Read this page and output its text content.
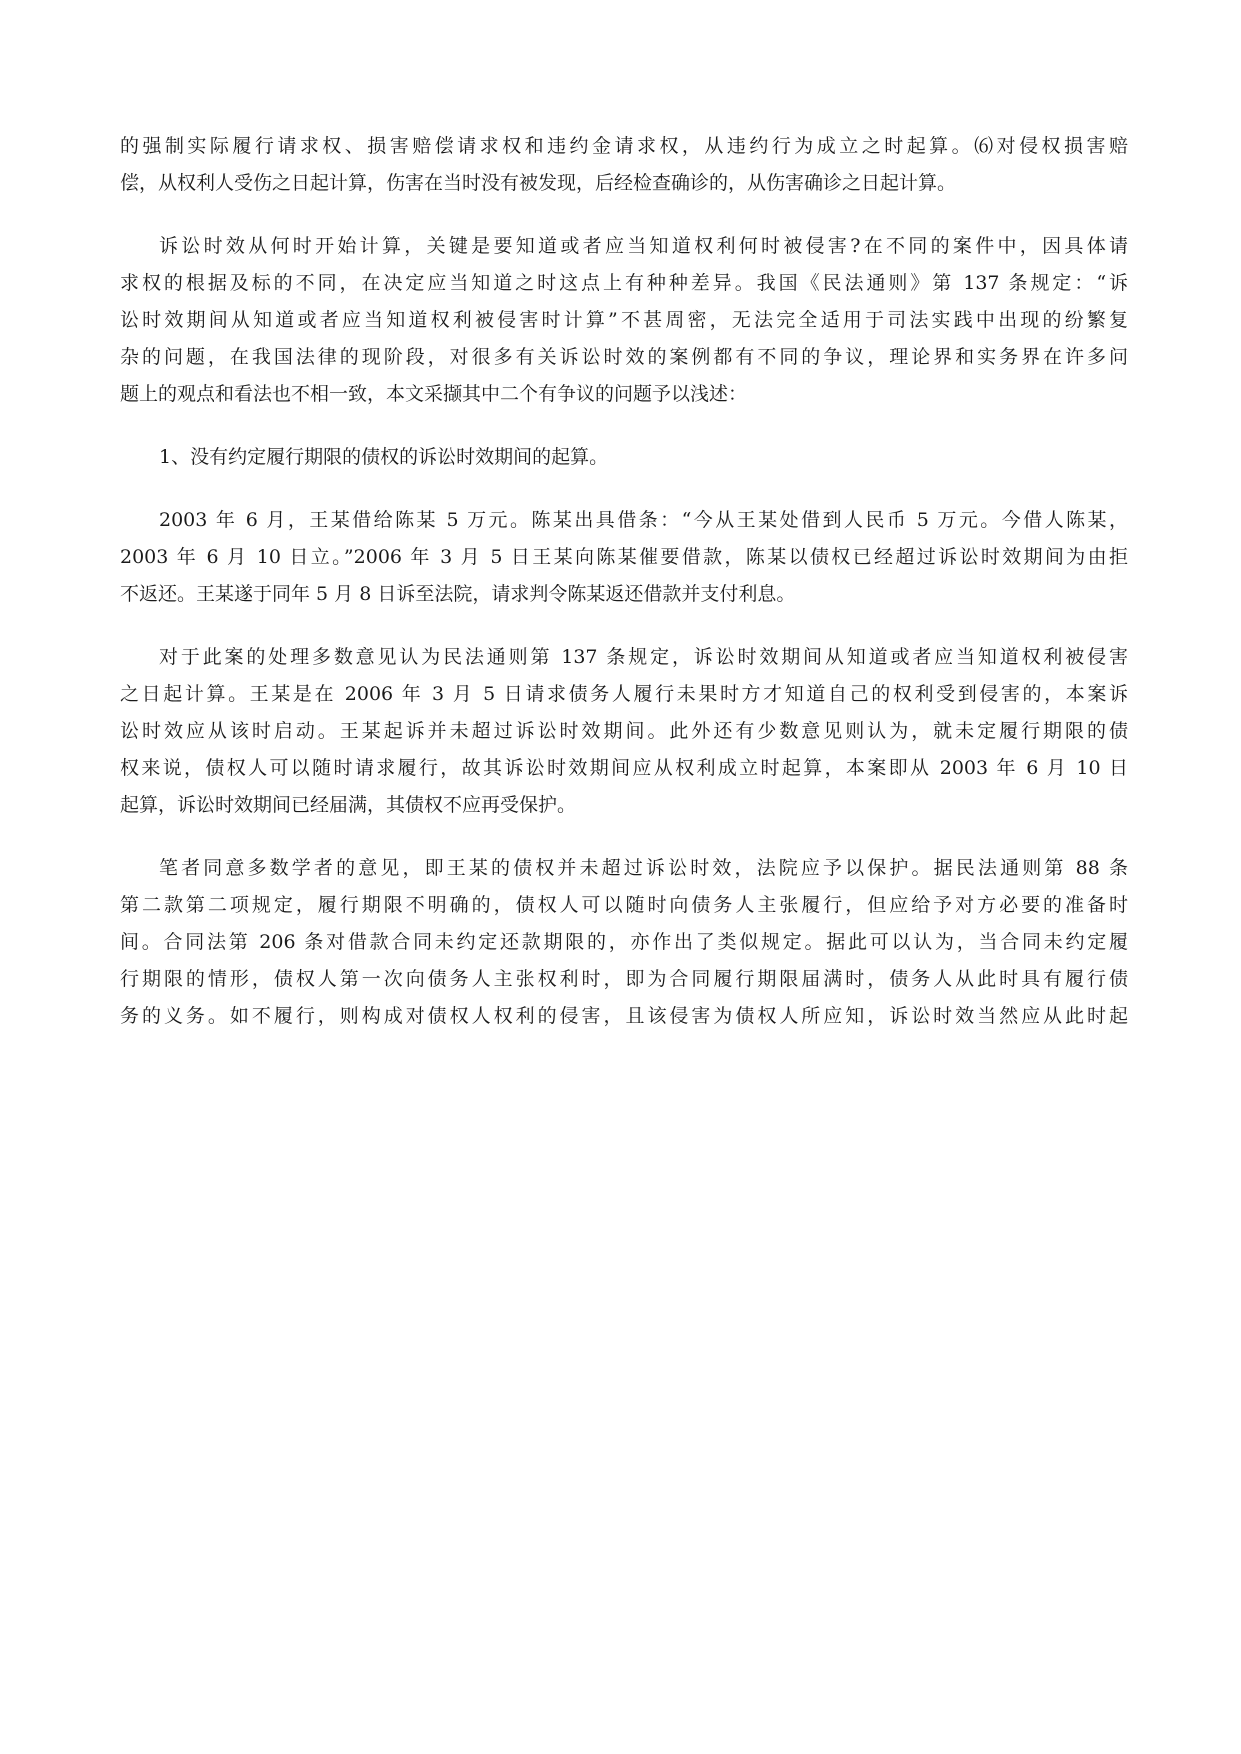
的强制实际履行请求权、损害赔偿请求权和违约金请求权，从违约行为成立之时起算。⑹对侵权损害赔
偿，从权利人受伤之日起计算，伤害在当时没有被发现，后经检查确诊的，从伤害确诊之日起计算。
诉讼时效从何时开始计算，关键是要知道或者应当知道权利何时被侵害?在不同的案件中，因具体请
求权的根据及标的不同，在决定应当知道之时这点上有种种差异。我国《民法通则》第 137 条规定：“诉
讼时效期间从知道或者应当知道权利被侵害时计算”不甚周密，无法完全适用于司法实践中出现的纷繁复
杂的问题，在我国法律的现阶段，对很多有关诉讼时效的案例都有不同的争议，理论界和实务界在许多问
题上的观点和看法也不相一致，本文采撷其中二个有争议的问题予以浅述：
1、没有约定履行期限的债权的诉讼时效期间的起算。
2003 年 6 月，王某借给陈某 5 万元。陈某出具借条：“今从王某处借到人民币 5 万元。今借人陈某，
2003 年 6 月 10 日立。”2006 年 3 月 5 日王某向陈某催要借款，陈某以债权已经超过诉讼时效期间为由拒
不返还。王某遂于同年 5 月 8 日诉至法院，请求判令陈某返还借款并支付利息。
对于此案的处理多数意见认为民法通则第 137 条规定，诉讼时效期间从知道或者应当知道权利被侵害
之日起计算。王某是在 2006 年 3 月 5 日请求债务人履行未果时方才知道自己的权利受到侵害的，本案诉
讼时效应从该时启动。王某起诉并未超过诉讼时效期间。此外还有少数意见则认为，就未定履行期限的债
权来说，债权人可以随时请求履行，故其诉讼时效期间应从权利成立时起算，本案即从 2003 年 6 月 10 日
起算，诉讼时效期间已经届满，其债权不应再受保护。
笔者同意多数学者的意见，即王某的债权并未超过诉讼时效，法院应予以保护。据民法通则第 88 条
第二款第二项规定，履行期限不明确的，债权人可以随时向债务人主张履行，但应给予对方必要的准备时
间。合同法第 206 条对借款合同未约定还款期限的，亦作出了类似规定。据此可以认为，当合同未约定履
行期限的情形，债权人第一次向债务人主张权利时，即为合同履行期限届满时，债务人从此时具有履行债
务的义务。如不履行，则构成对债权人权利的侵害，且该侵害为债权人所应知，诉讼时效当然应从此时起
